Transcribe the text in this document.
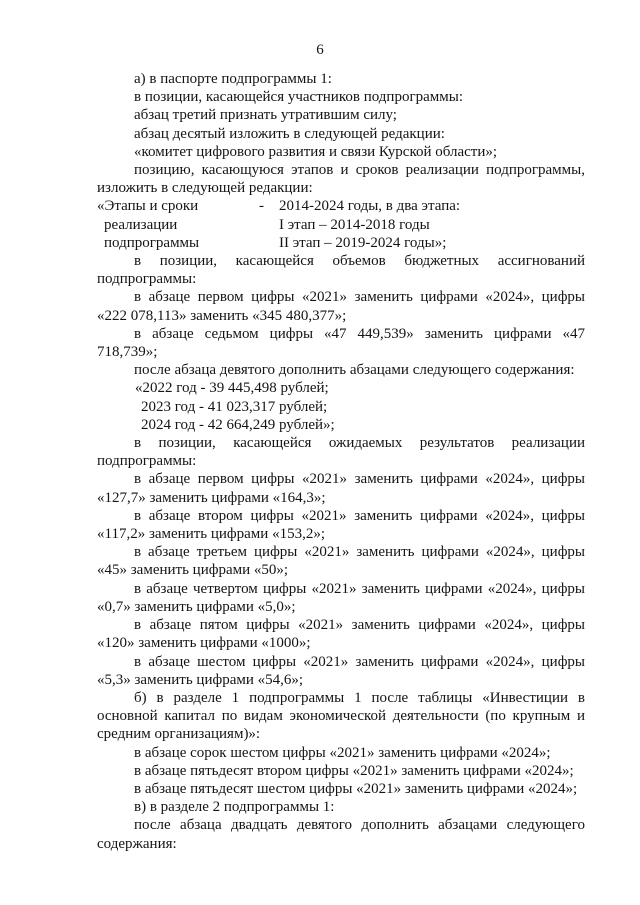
6

а) в паспорте подпрограммы 1:

в позиции, касающейся участников подпрограммы:

абзац третий признать утратившим силу;

абзац десятый изложить в следующей редакции:

«комитет цифрового развития и связи Курской области»;

позицию, касающуюся этапов и сроков реализации подпрограммы, изложить в следующей редакции:

«Этапы и сроки	-	2014-2024 годы, в два этапа:
реализации	I этап – 2014-2018 годы
подпрограммы	II этап – 2019-2024 годы»;

в позиции, касающейся объемов бюджетных ассигнований подпрограммы:

в абзаце первом цифры «2021» заменить цифрами «2024», цифры «222 078,113» заменить «345 480,377»;

в абзаце седьмом цифры «47 449,539» заменить цифрами «47 718,739»;

после абзаца девятого дополнить абзацами следующего содержания:

«2022 год - 39 445,498 рублей;

2023 год - 41 023,317 рублей;

2024 год - 42 664,249 рублей»;

в позиции, касающейся ожидаемых результатов реализации подпрограммы:

в абзаце первом цифры «2021» заменить цифрами «2024», цифры «127,7» заменить цифрами «164,3»;

в абзаце втором цифры «2021» заменить цифрами «2024», цифры «117,2» заменить цифрами «153,2»;

в абзаце третьем цифры «2021» заменить цифрами «2024», цифры «45» заменить цифрами «50»;

в абзаце четвертом цифры «2021» заменить цифрами «2024», цифры «0,7» заменить цифрами «5,0»;

в абзаце пятом цифры «2021» заменить цифрами «2024», цифры «120» заменить цифрами «1000»;

в абзаце шестом цифры «2021» заменить цифрами «2024», цифры «5,3» заменить цифрами «54,6»;

б) в разделе 1 подпрограммы 1 после таблицы «Инвестиции в основной капитал по видам экономической деятельности (по крупным и средним организациям)»:

в абзаце сорок шестом цифры «2021» заменить цифрами «2024»;

в абзаце пятьдесят втором цифры «2021» заменить цифрами «2024»;

в абзаце пятьдесят шестом цифры «2021» заменить цифрами «2024»;

в) в разделе 2 подпрограммы 1:

после абзаца двадцать девятого дополнить абзацами следующего содержания:
